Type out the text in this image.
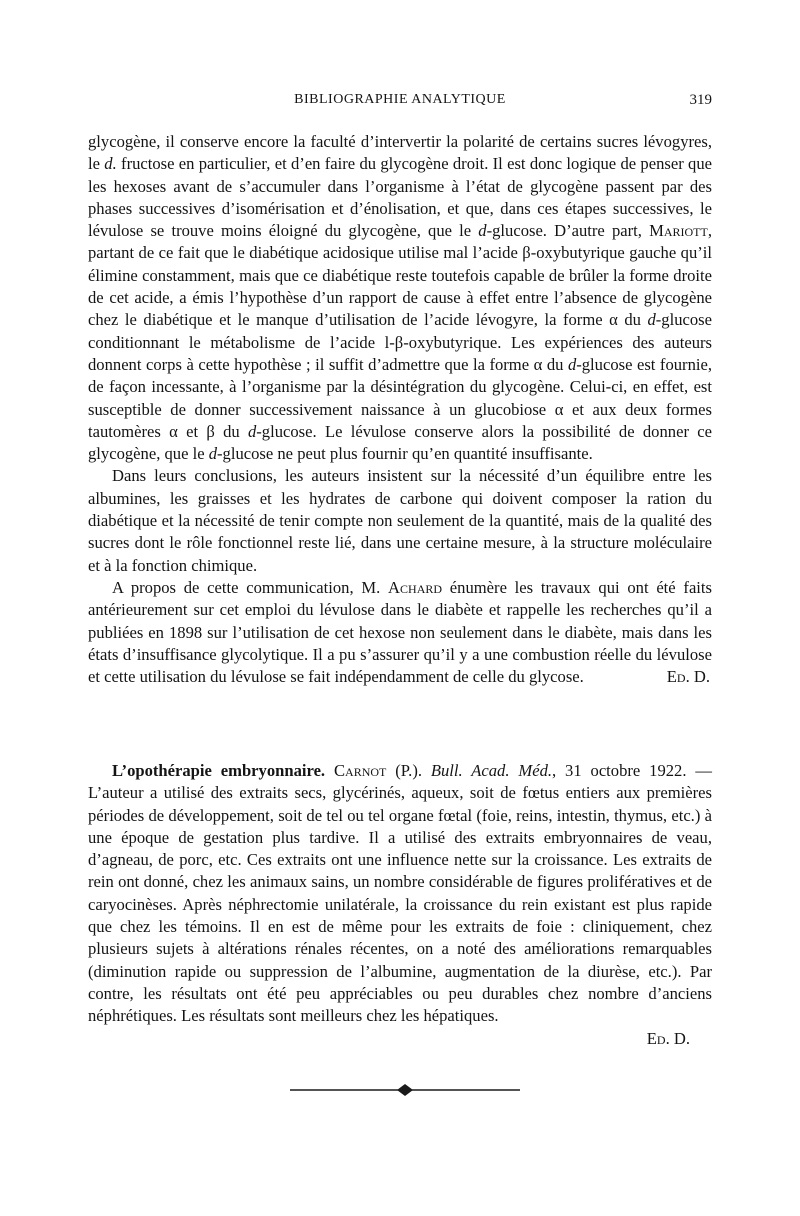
BIBLIOGRAPHIE ANALYTIQUE	319

glycogène, il conserve encore la faculté d’intervertir la polarité de certains sucres lévogyres, le d. fructose en particulier, et d’en faire du glycogène droit. Il est donc logique de penser que les hexoses avant de s’accumuler dans l’organisme à l’état de glycogène passent par des phases successives d’isomérisation et d’énolisation, et que, dans ces étapes successives, le lévulose se trouve moins éloigné du glycogène, que le d-glucose. D’autre part, Mariott, partant de ce fait que le diabétique acidosique utilise mal l’acide β-oxybutyrique gauche qu’il élimine constamment, mais que ce diabétique reste toutefois capable de brûler la forme droite de cet acide, a émis l’hypothèse d’un rapport de cause à effet entre l’absence de glycogène chez le diabétique et le manque d’utilisation de l’acide lévogyre, la forme α du d-glucose conditionnant le métabolisme de l’acide l-β-oxybutyrique. Les expériences des auteurs donnent corps à cette hypothèse ; il suffit d’admettre que la forme α du d-glucose est fournie, de façon incessante, à l’organisme par la désintégration du glycogène. Celui-ci, en effet, est susceptible de donner successivement naissance à un glucobiose α et aux deux formes tautomères α et β du d-glucose. Le lévulose conserve alors la possibilité de donner ce glycogène, que le d-glucose ne peut plus fournir qu’en quantité insuffisante.

Dans leurs conclusions, les auteurs insistent sur la nécessité d’un équilibre entre les albumines, les graisses et les hydrates de carbone qui doivent composer la ration du diabétique et la nécessité de tenir compte non seulement de la quantité, mais de la qualité des sucres dont le rôle fonctionnel reste lié, dans une certaine mesure, à la structure moléculaire et à la fonction chimique.

A propos de cette communication, M. Achard énumère les travaux qui ont été faits antérieurement sur cet emploi du lévulose dans le diabète et rappelle les recherches qu’il a publiées en 1898 sur l’utilisation de cet hexose non seulement dans le diabète, mais dans les états d’insuffisance glycolytique. Il a pu s’assurer qu’il y a une combustion réelle du lévulose et cette utilisation du lévulose se fait indépendamment de celle du glycose.	Ed. D.

L’opothérapie embryonnaire. Carnot (P.). Bull. Acad. Méd., 31 octobre 1922. — L’auteur a utilisé des extraits secs, glycérinés, aqueux, soit de fœtus entiers aux premières périodes de développement, soit de tel ou tel organe fœtal (foie, reins, intestin, thymus, etc.) à une époque de gestation plus tardive. Il a utilisé des extraits embryonnaires de veau, d’agneau, de porc, etc. Ces extraits ont une influence nette sur la croissance. Les extraits de rein ont donné, chez les animaux sains, un nombre considérable de figures prolifératives et de caryocinèses. Après néphrectomie unilatérale, la croissance du rein existant est plus rapide que chez les témoins. Il en est de même pour les extraits de foie : cliniquement, chez plusieurs sujets à altérations rénales récentes, on a noté des améliorations remarquables (diminution rapide ou suppression de l’albumine, augmentation de la diurèse, etc.). Par contre, les résultats ont été peu appréciables ou peu durables chez nombre d’anciens néphrétiques. Les résultats sont meilleurs chez les hépatiques.

Ed. D.
